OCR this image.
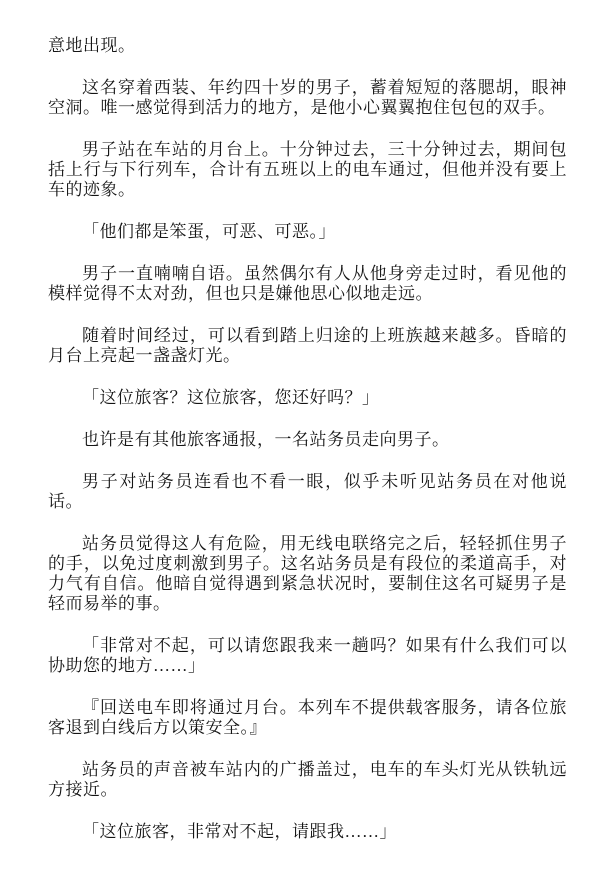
意地出现。

这名穿着西装、年约四十岁的男子，蓄着短短的落腮胡，眼神空洞。唯一感觉得到活力的地方，是他小心翼翼抱住包包的双手。

男子站在车站的月台上。十分钟过去，三十分钟过去，期间包括上行与下行列车，合计有五班以上的电车通过，但他并没有要上车的迹象。

「他们都是笨蛋，可恶、可恶。」

男子一直喃喃自语。虽然偶尔有人从他身旁走过时，看见他的模样觉得不太对劲，但也只是嫌他思心似地走远。

随着时间经过，可以看到踏上归途的上班族越来越多。昏暗的月台上亮起一盏盏灯光。

「这位旅客？这位旅客，您还好吗？」

也许是有其他旅客通报，一名站务员走向男子。

男子对站务员连看也不看一眼，似乎未听见站务员在对他说话。

站务员觉得这人有危险，用无线电联络完之后，轻轻抓住男子的手，以免过度刺激到男子。这名站务员是有段位的柔道高手，对力气有自信。他暗自觉得遇到紧急状况时，要制住这名可疑男子是轻而易举的事。

「非常对不起，可以请您跟我来一趟吗？如果有什么我们可以协助您的地方……」

『回送电车即将通过月台。本列车不提供载客服务，请各位旅客退到白线后方以策安全。』

站务员的声音被车站内的广播盖过，电车的车头灯光从铁轨远方接近。

「这位旅客，非常对不起，请跟我……」
